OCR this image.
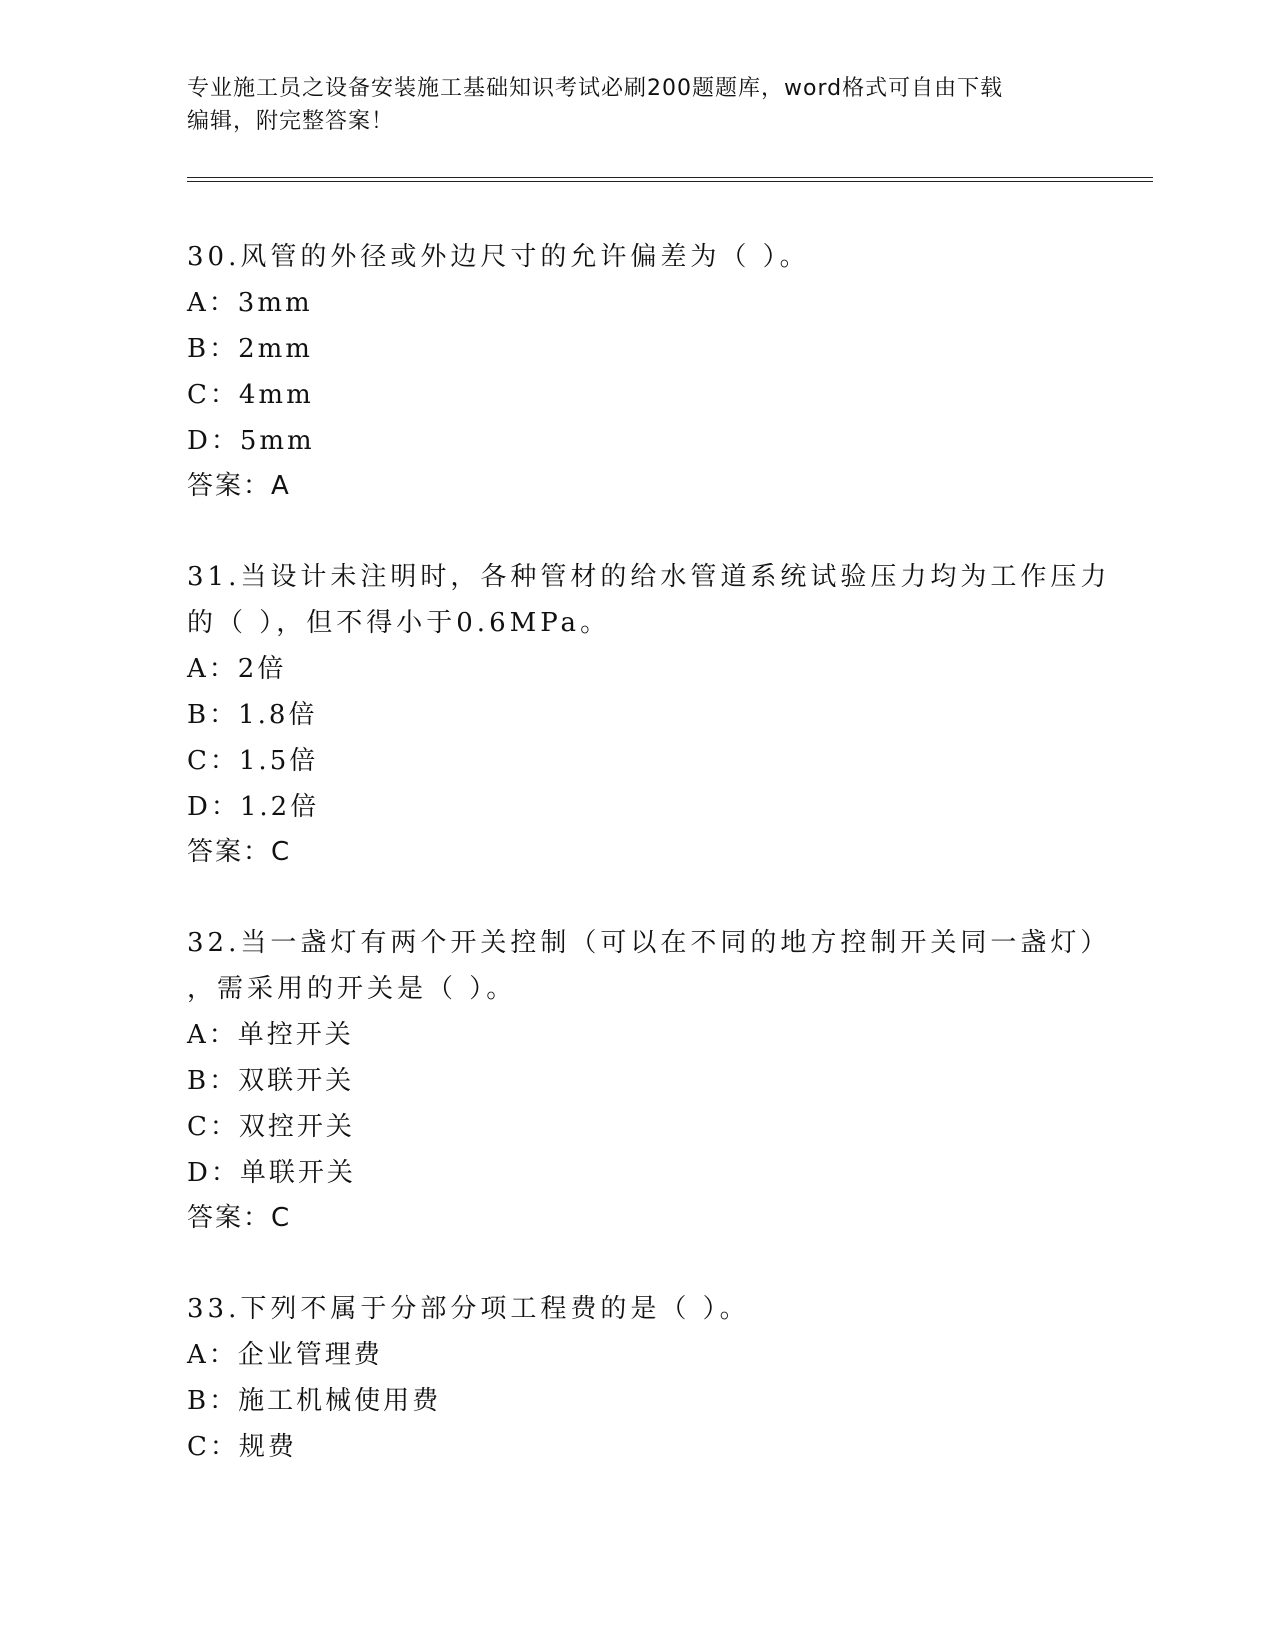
专业施工员之设备安装施工基础知识考试必刷200题题库，word格式可自由下载
编辑，附完整答案！
30.风管的外径或外边尺寸的允许偏差为（ ）。
A：3mm
B：2mm
C：4mm
D：5mm
答案：A
31.当设计未注明时，各种管材的给水管道系统试验压力均为工作压力
的（ ），但不得小于0.6MPa。
A：2倍
B：1.8倍
C：1.5倍
D：1.2倍
答案：C
32.当一盏灯有两个开关控制（可以在不同的地方控制开关同一盏灯）
，需采用的开关是（ ）。
A：单控开关
B：双联开关
C：双控开关
D：单联开关
答案：C
33.下列不属于分部分项工程费的是（ ）。
A：企业管理费
B：施工机械使用费
C：规费
